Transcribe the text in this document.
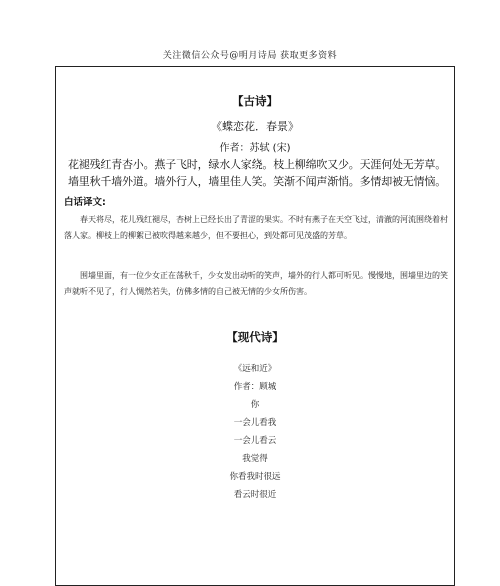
关注微信公众号@明月诗局 获取更多资料
【古诗】
《蝶恋花．春景》
作者：苏轼 (宋)
花褪残红青杏小。燕子飞时，绿水人家绕。枝上柳绵吹又少。天涯何处无芳草。
墙里秋千墙外道。墙外行人，墙里佳人笑。笑渐不闻声渐悄。多情却被无情恼。
白话译文:
春天将尽，花儿残红褪尽，杏树上已经长出了青涩的果实。不时有燕子在天空飞过，清澈的河流围绕着村落人家。柳枝上的柳絮已被吹得越来越少，但不要担心，到处都可见茂盛的芳草。
围墙里面，有一位少女正在荡秋千，少女发出动听的笑声，墙外的行人都可听见。慢慢地，围墙里边的笑声就听不见了，行人惆然若失，仿佛多情的自己被无情的少女所伤害。
【现代诗】
《远和近》
作者：顾城
你
一会儿看我
一会儿看云
我觉得
你看我时很远
看云时很近
